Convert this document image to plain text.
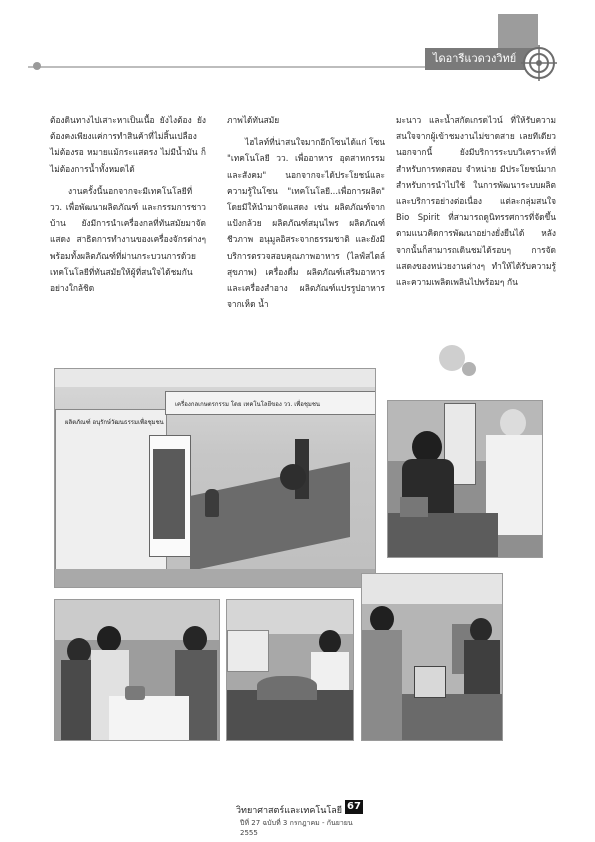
ไดอารีแวดวงวิทย์

ต้องดินทางไปเสาะหาเป็นเนื้อ ยังไงต้อง ยังต้องคงเพียงแค่การทำสินค้าที่ไม่สิ้นเปลือง ไม่ต้องรอ หมายแม้กระแสตรง ไม่มีน้ำมัน ก็ไม่ต้องการน้ำทั้งหมดได้

งานครั้งนี้นอกจากจะมีเทคโนโลยีที่ วว. เพื่อพัฒนาผลิตภัณฑ์ และกรรมการชาวบ้าน ยังมีการนำเครื่องกลที่ทันสมัยมาจัดแสดง สาธิตการทำงานของเครื่องจักรต่างๆ พร้อมทั้งผลิตภัณฑ์ที่ผ่านกระบวนการด้วยเทคโนโลยีที่ทันสมัยให้ผู้ที่สนใจได้ชมกันอย่างใกล้ชิด

ภาพได้ทันสมัย

ไฮไลท์ที่น่าสนใจมากอีกโซนได้แก่ โซน "เทคโนโลยี วว. เพื่ออาหาร อุตสาหกรรม และสังคม" นอกจากจะได้ประโยชน์และความรู้ในโซน "เทคโนโลยี...เพื่อการผลิต" โดยมีให้นำมาจัดแสดง เช่น ผลิตภัณฑ์จากแป้งกล้วย ผลิตภัณฑ์สมุนไพร ผลิตภัณฑ์ชีวภาพ อนุมูลอิสระจากธรรมชาติ และยังมีบริการตรวจสอบคุณภาพอาหาร (ไลฟ์สไตล์สุขภาพ) เครื่องดื่ม ผลิตภัณฑ์เสริมอาหารและเครื่องสำอาง ผลิตภัณฑ์แปรรูปอาหารจากเห็ด น้ำ

มะนาว และน้ำสกัดเกรดไวน์ ที่ให้รับความสนใจจากผู้เข้าชมงานไม่ขาดสาย เลยทีเดียว นอกจากนี้ ยังมีบริการระบบวิเคราะห์ที่สำหรับการทดสอบ จำหน่าย มีประโยชน์มากสำหรับการนำไปใช้ ในการพัฒนาระบบผลิตและบริการอย่างต่อเนื่อง แต่ละกลุ่มสนใจ Bio Spirit ที่สามารถดูนิทรรศการที่จัดขึ้นตามแนวคิดการพัฒนาอย่างยั่งยืนได้ หลังจากนั้นก็สามารถเดินชมได้รอบๆ การจัดแสดงของหน่วยงานต่างๆ ทำให้ได้รับความรู้และความเพลิดเพลินไปพร้อมๆ กัน

ผลิตภัณฑ์ อนุรักษ์วัฒนธรรมเพื่อชุมชน
เครื่องกลเกษตรกรรม โดย เทคโนโลยีของ วว. เพื่อชุมชน
วิทยาศาสตร์และเทคโนโลยี 67
ปีที่ 27 ฉบับที่ 3 กรกฎาคม - กันยายน 2555
